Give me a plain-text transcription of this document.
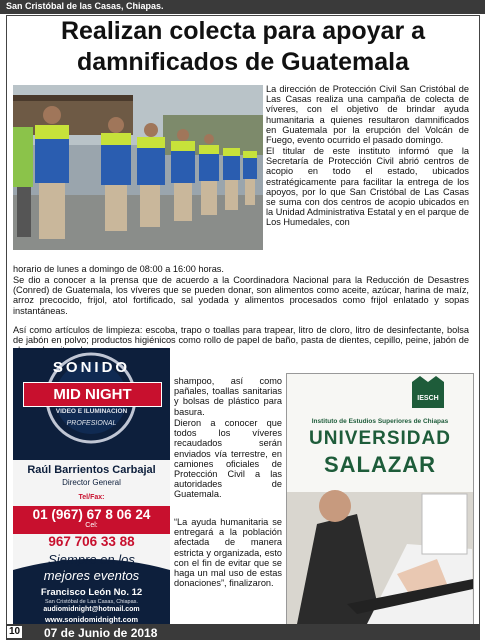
San Cristóbal de las Casas, Chiapas.
Realizan colecta para apoyar a
damnificados de Guatemala

La dirección de Protección Civil San Cristóbal de Las Casas realiza una campaña de colecta de víveres, con el objetivo de brindar ayuda humanitaria a quienes resultaron damnificados en Guatemala por la erupción del Volcán de Fuego, evento ocurrido el pasado domingo.

El titular de este instituto informó que la Secretaría de Protección Civil abrió centros de acopio en todo el estado, ubicados estratégicamente para facilitar la entrega de los apoyos, por lo que San Cristóbal de Las Casas se suma con dos centros de acopio ubicados en la Unidad Administrativa Estatal y en el parque de Los Humedales, con

horario de lunes a domingo de 08:00 a 16:00 horas.

Se dio a conocer a la prensa que de acuerdo a la Coordinadora Nacional para la Reducción de Desastres (Conred) de Guatemala, los víveres que se pueden donar, son alimentos como aceite, azúcar, harina de maíz, arroz precocido, frijol, atol fortificado, sal yodada y alimentos procesados como frijol enlatado y sopas instantáneas.

Así como artículos de limpieza: escoba, trapo o toallas para trapear, litro de cloro, litro de desinfectante, bolsa de jabón en polvo; productos higiénicos como rollo de papel de baño, pasta de dientes, cepillo, peine, jabón de

shampoo, así como pañales, toallas sanitarias y bolsas de plástico para basura.

Dieron a conocer que todos los víveres recaudados serán enviados vía terrestre, en camiones oficiales de Protección Civil a las autoridades de Guatemala.

“La ayuda humanitaria se entregará a la población afectada de manera estricta y organizada, esto con el fin de evitar que se haga un mal uso de estas donaciones”, finalizaron.

SONIDO
MID NIGHT
VIDEO E ILUMINACION
PROFESIONAL
Raúl Barrientos Carbajal
Director General
Tel/Fax:
01 (967) 67 8 06 24
Cel:
967 706 33 88
Siempre en los
mejores eventos
Francisco León No. 12
San Cristóbal de Las Casas, Chiapas.
audiomidnight@hotmail.com
www.sonidomidnight.com
IESCH
Instituto de Estudios Superiores de Chiapas
UNIVERSIDAD
SALAZAR
10 07 de Junio de 2018
